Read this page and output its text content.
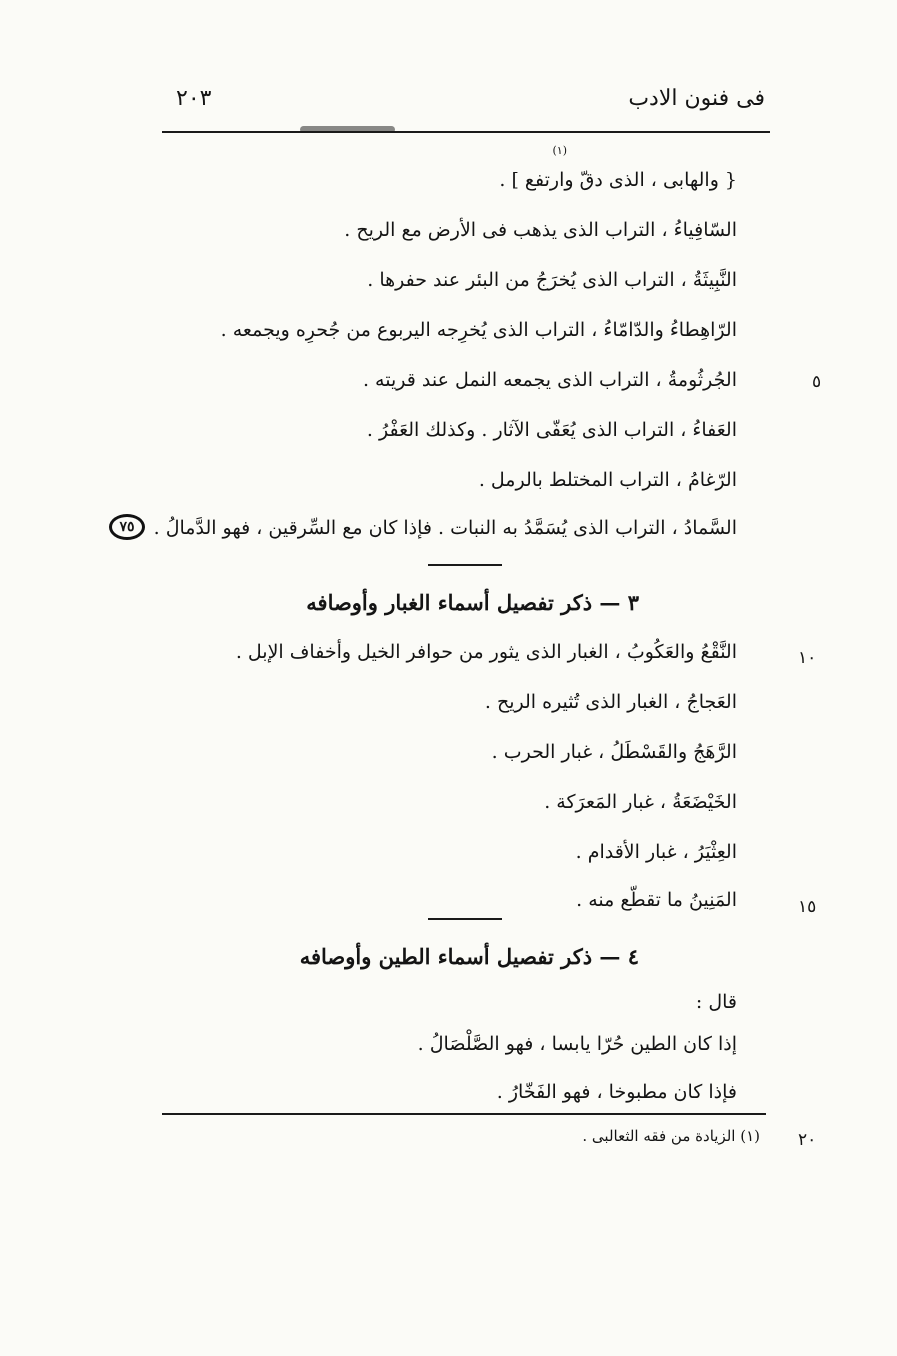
فى فنون الادب
٢٠٣
(١)
{ والهابى ، الذى دقّ وارتفع ] .
السّافِياءُ ، التراب الذى يذهب فى الأرض مع الريح .
النَّبِيثَةُ ، التراب الذى يُخرَجُ من البئر عند حفرها .
الرّاهِطاءُ والدّامّاءُ ، التراب الذى يُخرِجه اليربوع من جُحرِه ويجمعه .
الجُرثُومةُ ، التراب الذى يجمعه النمل عند قريته .
العَفاءُ ، التراب الذى يُعَفّى الآثار . وكذلك العَفْرُ .
الرّغامُ ، التراب المختلط بالرمل .
السَّمادُ ، التراب الذى يُسَمَّدُ به النبات . فإذا كان مع السِّرقين ، فهو الدَّمالُ .
٧٥
٥
١٠
١٥
٢٠
٣ — ذكر تفصيل أسماء الغبار وأوصافه
النَّقْعُ والعَكُوبُ ، الغبار الذى يثور من حوافر الخيل وأخفاف الإبل .
العَجاجُ ، الغبار الذى تُثيره الريح .
الرَّهَجُ والقَسْطَلُ ، غبار الحرب .
الخَيْضَعَةُ ، غبار المَعرَكة .
العِثْيَرُ ، غبار الأقدام .
المَنِينُ ما تقطّع منه .
٤ — ذكر تفصيل أسماء الطين وأوصافه
قال :
إذا كان الطين حُرّا يابسا ، فهو الصَّلْصَالُ .
فإذا كان مطبوخا ، فهو الفَخّارُ .
(١) الزيادة من فقه الثعالبى .
